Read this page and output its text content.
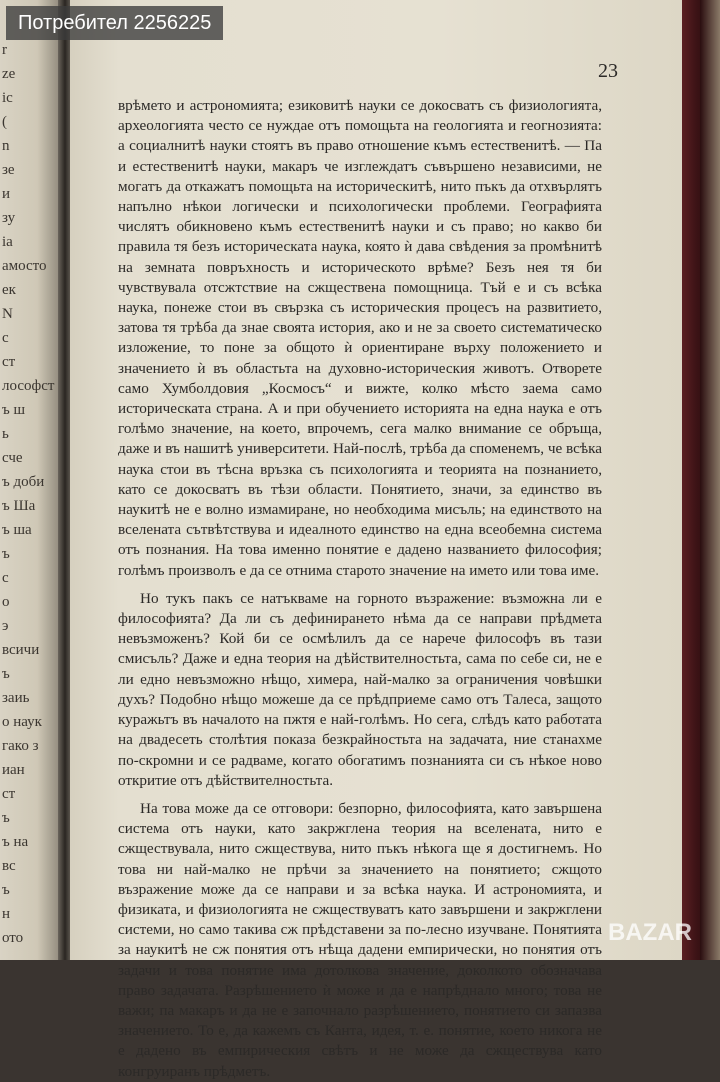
r
ze
ic
(
n
зе
и
зу
ia
амосто
ек
N
с
ст
лософст
ъ ш
ь
сче
ъ доби
ъ Ша
ъ ша
ъ
c
o
э
всичи
ъ
заиь
о наук
гако з
иан
ст
ъ
ъ на
вс
ъ
н
ото
Потребител 2256225
23

врѣмето и астрономията; езиковитѣ науки се докосватъ съ физиологията, археологията често се нуждае отъ помощьта на геологията и геогнозията: а социалнитѣ науки стоятъ въ право отношение къмъ естественитѣ. — Па и естественитѣ науки, макаръ че изглеждатъ съвършено независими, не могатъ да откажатъ помощьта на историческитѣ, нито пъкъ да отхвърлятъ напълно нѣкои логически и психологически проблеми. Географията числятъ обикновено къмъ естественитѣ науки и съ право; но какво би правила тя безъ историческата наука, която ѝ дава свѣдения за промѣнитѣ на земната повръхность и историческото врѣме? Безъ нея тя би чувствувала отсжтствие на сжществена помощница. Тъй е и съ всѣка наука, понеже стои въ свързка съ историческия процесъ на развитието, затова тя трѣба да знае своята история, ако и не за своето систематическо изложение, то поне за общото ѝ ориентиране върху положението и значението ѝ въ областьта на духовно-историческия животъ. Отворете само Хумболдовия „Космосъ“ и вижте, колко мѣсто заема само историческата страна. А и при обучението историята на една наука е отъ голѣмо значение, на което, впрочемъ, сега малко внимание се обръща, даже и въ нашитѣ университети. Най-послѣ, трѣба да споменемъ, че всѣка наука стои въ тѣсна връзка съ психологията и теорията на познанието, като се докосватъ въ тѣзи области. Понятието, значи, за единство въ наукитѣ не е волно измамиране, но необходима мисъль; на единството на вселената сътвѣтствува и идеалното единство на една всеобемна система отъ познания. На това именно понятие е дадено названието философия; голѣмъ произволъ е да се отнима старото значение на името или това име.

Но тукъ пакъ се натъкваме на горното възражение: възможна ли е философията? Да ли съ дефинирането нѣма да се направи прѣдмета невъзможенъ? Кой би се осмѣлилъ да се нарече философъ въ тази смисъль? Даже и една теория на дѣйствителностьта, сама по себе си, не е ли едно невъзможно нѣщо, химера, най-малко за ограничения човѣшки духъ? Подобно нѣщо можеше да се прѣдприеме само отъ Талеса, защото куражьтъ въ началото на пжтя е най-голѣмъ. Но сега, слѣдъ като работата на двадесеть столѣтия показа безкрайностьта на задачата, ние станахме по-скромни и се радваме, когато обогатимъ познанията си съ нѣкое ново откритие отъ дѣйствителностьта.

На това може да се отговори: безпорно, философията, като завършена система отъ науки, като закржглена теория на вселената, нито е сжществувала, нито сжществува, нито пъкъ нѣкога ще я достигнемъ. Но това ни най-малко не прѣчи за значението на понятието; сжщото възражение може да се направи и за всѣка наука. И астрономията, и физиката, и физиологията не сжществуватъ като завършени и закржглени системи, но само такива сж прѣдставени за по-лесно изучване. Понятията за наукитѣ не сж понятия отъ нѣща дадени емпирически, но понятия отъ задачи и това понятие има дотолкова значение, доколкото обозначава право задачата. Разрѣшението ѝ може и да е напрѣднало много; това не важи; па макаръ и да не е започнало разрѣшението, понятието си запазва значението. То е, да кажемъ съ Канта, идея, т. е. понятие, което никога не е дадено въ емпирическия свѣтъ и не може да сжществува като конгруиранъ прѣдметъ.

BAZAR
